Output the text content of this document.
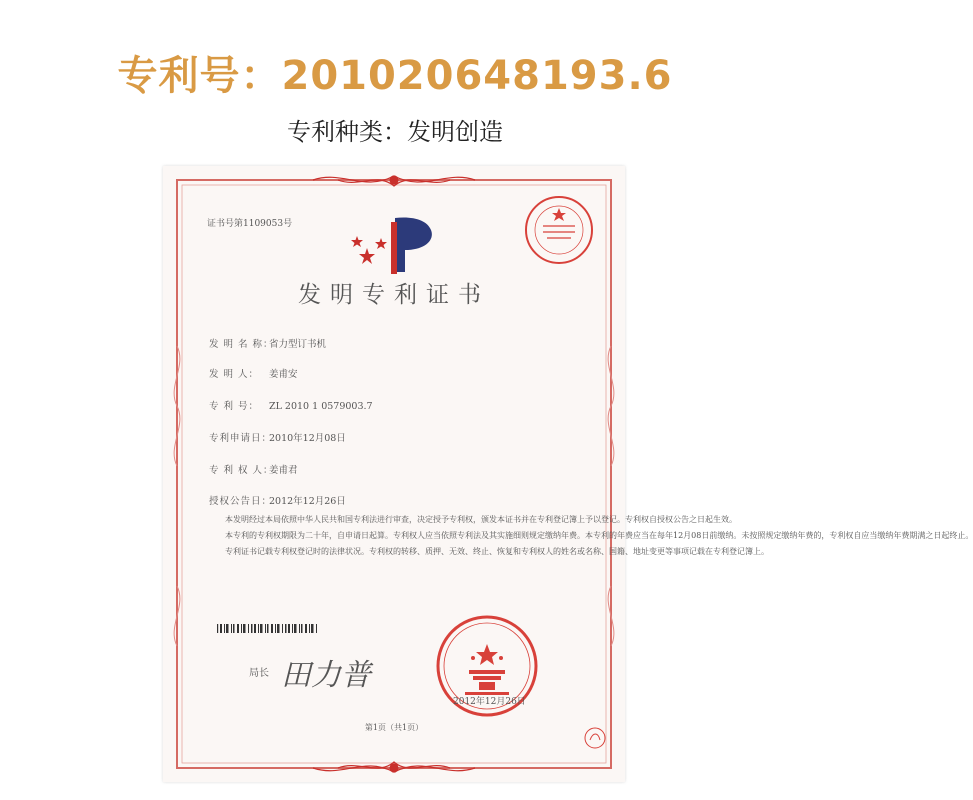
专利号：201020648193.6
专利种类：发明创造
证书号第1109053号
发明专利证书
发 明 名 称：省力型订书机
发 明 人： 姜甫安
专 利 号： ZL 2010 1 0579003.7
专利申请日：2010年12月08日
专 利 权 人：姜甫君
授权公告日：2012年12月26日

本发明经过本局依照中华人民共和国专利法进行审查，决定授予专利权，颁发本证书并在专利登记簿上予以登记。专利权自授权公告之日起生效。

本专利的专利权期限为二十年，自申请日起算。专利权人应当依照专利法及其实施细则规定缴纳年费。本专利的年费应当在每年12月08日前缴纳。未按照规定缴纳年费的，专利权自应当缴纳年费期满之日起终止。

专利证书记载专利权登记时的法律状况。专利权的转移、质押、无效、终止、恢复和专利权人的姓名或名称、国籍、地址变更等事项记载在专利登记簿上。

局长 田力普
2012年12月26日
第1页（共1页）
